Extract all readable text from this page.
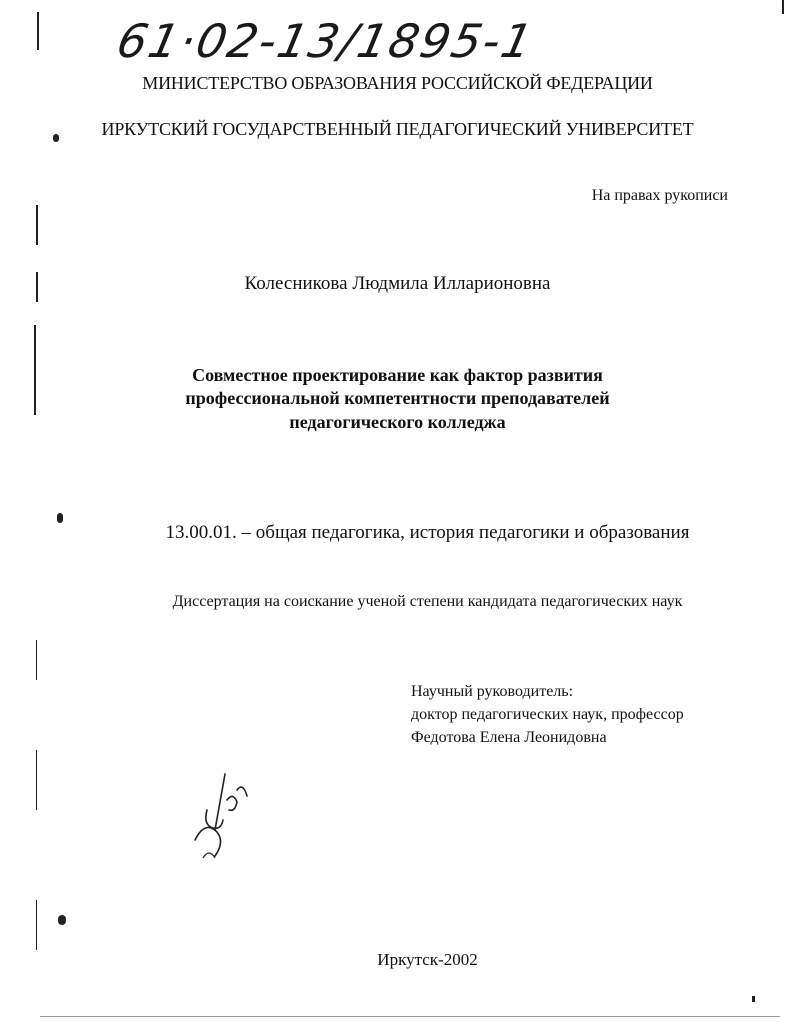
61·02-13/1895-1
МИНИСТЕРСТВО ОБРАЗОВАНИЯ РОССИЙСКОЙ ФЕДЕРАЦИИ
ИРКУТСКИЙ ГОСУДАРСТВЕННЫЙ ПЕДАГОГИЧЕСКИЙ УНИВЕРСИТЕТ
На правах рукописи
Колесникова Людмила Илларионовна
Совместное проектирование как фактор развития
профессиональной компетентности преподавателей
педагогического колледжа
13.00.01. – общая педагогика, история педагогики и образования
Диссертация на соискание ученой степени кандидата педагогических наук
Научный руководитель:
доктор педагогических наук, профессор
Федотова Елена Леонидовна
Иркутск-2002
